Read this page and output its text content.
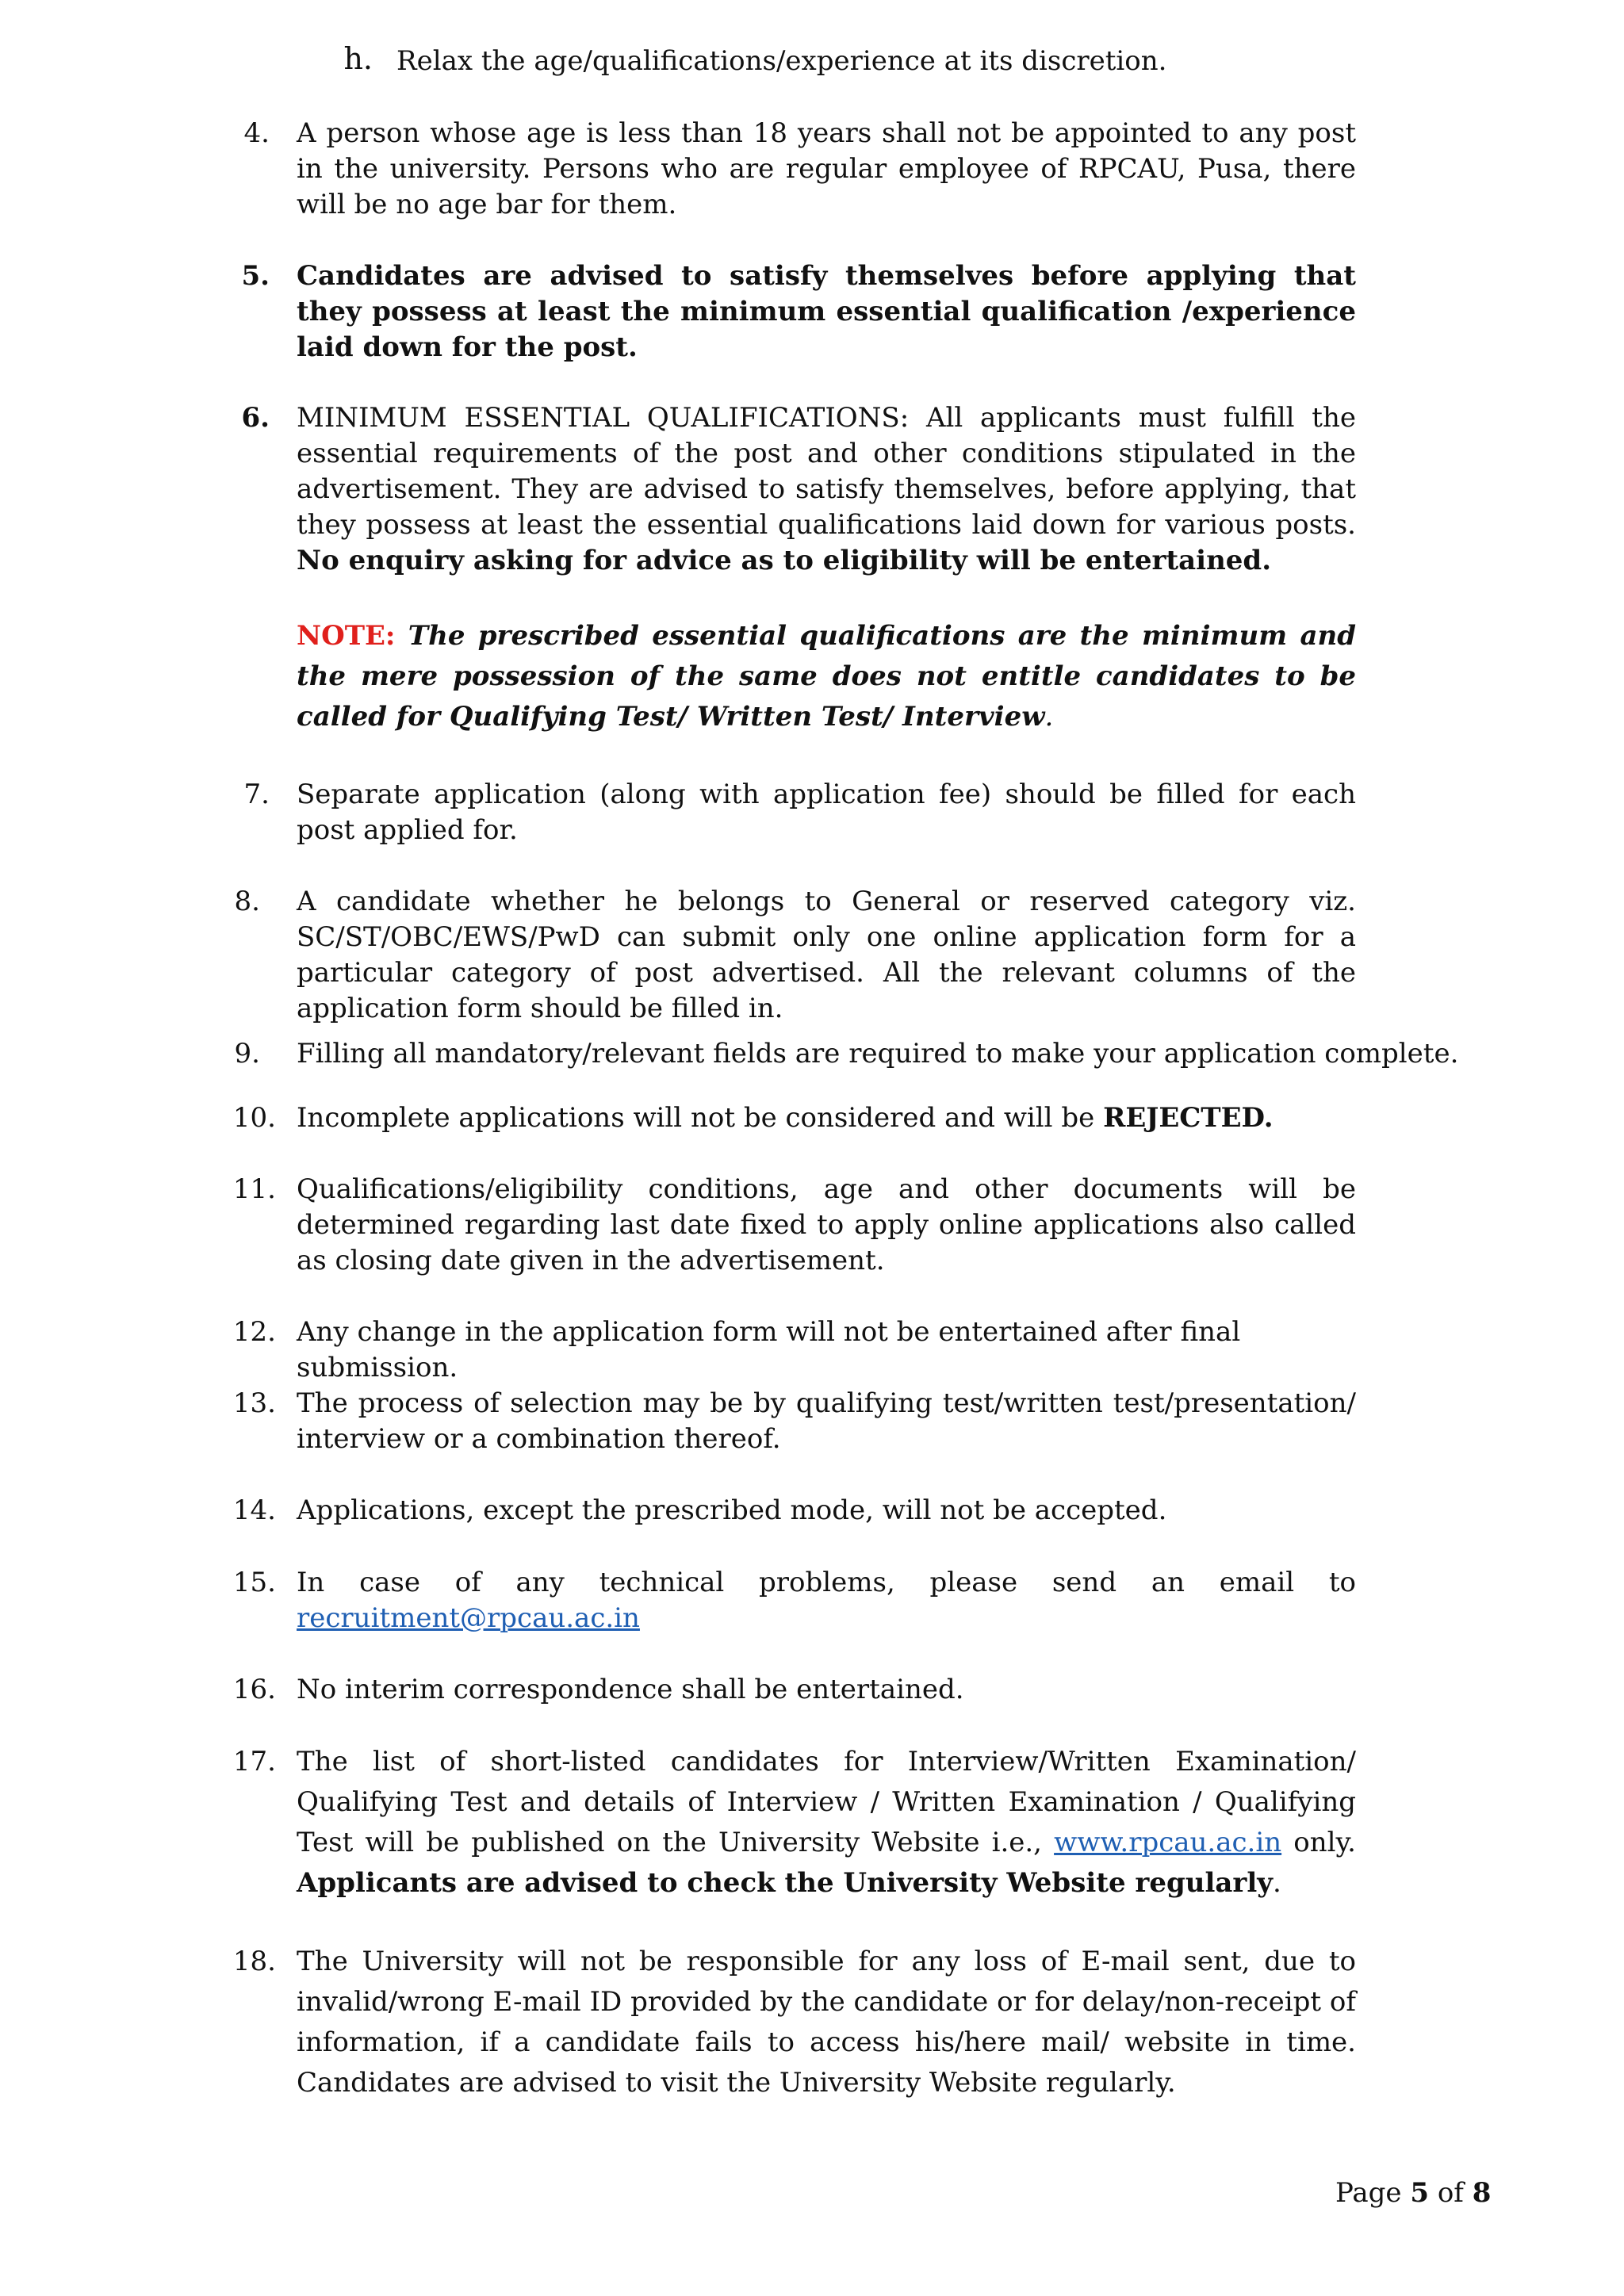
h. Relax the age/qualifications/experience at its discretion.
4. A person whose age is less than 18 years shall not be appointed to any post in the university. Persons who are regular employee of RPCAU, Pusa, there will be no age bar for them.
5. Candidates are advised to satisfy themselves before applying that they possess at least the minimum essential qualification /experience laid down for the post.
6. MINIMUM ESSENTIAL QUALIFICATIONS: All applicants must fulfill the essential requirements of the post and other conditions stipulated in the advertisement. They are advised to satisfy themselves, before applying, that they possess at least the essential qualifications laid down for various posts. No enquiry asking for advice as to eligibility will be entertained.
NOTE: The prescribed essential qualifications are the minimum and the mere possession of the same does not entitle candidates to be called for Qualifying Test/ Written Test/ Interview.
7. Separate application (along with application fee) should be filled for each post applied for.
8. A candidate whether he belongs to General or reserved category viz. SC/ST/OBC/EWS/PwD can submit only one online application form for a particular category of post advertised. All the relevant columns of the application form should be filled in.
9. Filling all mandatory/relevant fields are required to make your application complete.
10. Incomplete applications will not be considered and will be REJECTED.
11. Qualifications/eligibility conditions, age and other documents will be determined regarding last date fixed to apply online applications also called as closing date given in the advertisement.
12. Any change in the application form will not be entertained after final submission.
13. The process of selection may be by qualifying test/written test/presentation/ interview or a combination thereof.
14. Applications, except the prescribed mode, will not be accepted.
15. In case of any technical problems, please send an email to
recruitment@rpcau.ac.in
16. No interim correspondence shall be entertained.
17. The list of short-listed candidates for Interview/Written Examination/ Qualifying Test and details of Interview / Written Examination / Qualifying Test will be published on the University Website i.e., www.rpcau.ac.in only. Applicants are advised to check the University Website regularly.
18. The University will not be responsible for any loss of E-mail sent, due to invalid/wrong E-mail ID provided by the candidate or for delay/non-receipt of information, if a candidate fails to access his/here mail/ website in time. Candidates are advised to visit the University Website regularly.
Page 5 of 8
